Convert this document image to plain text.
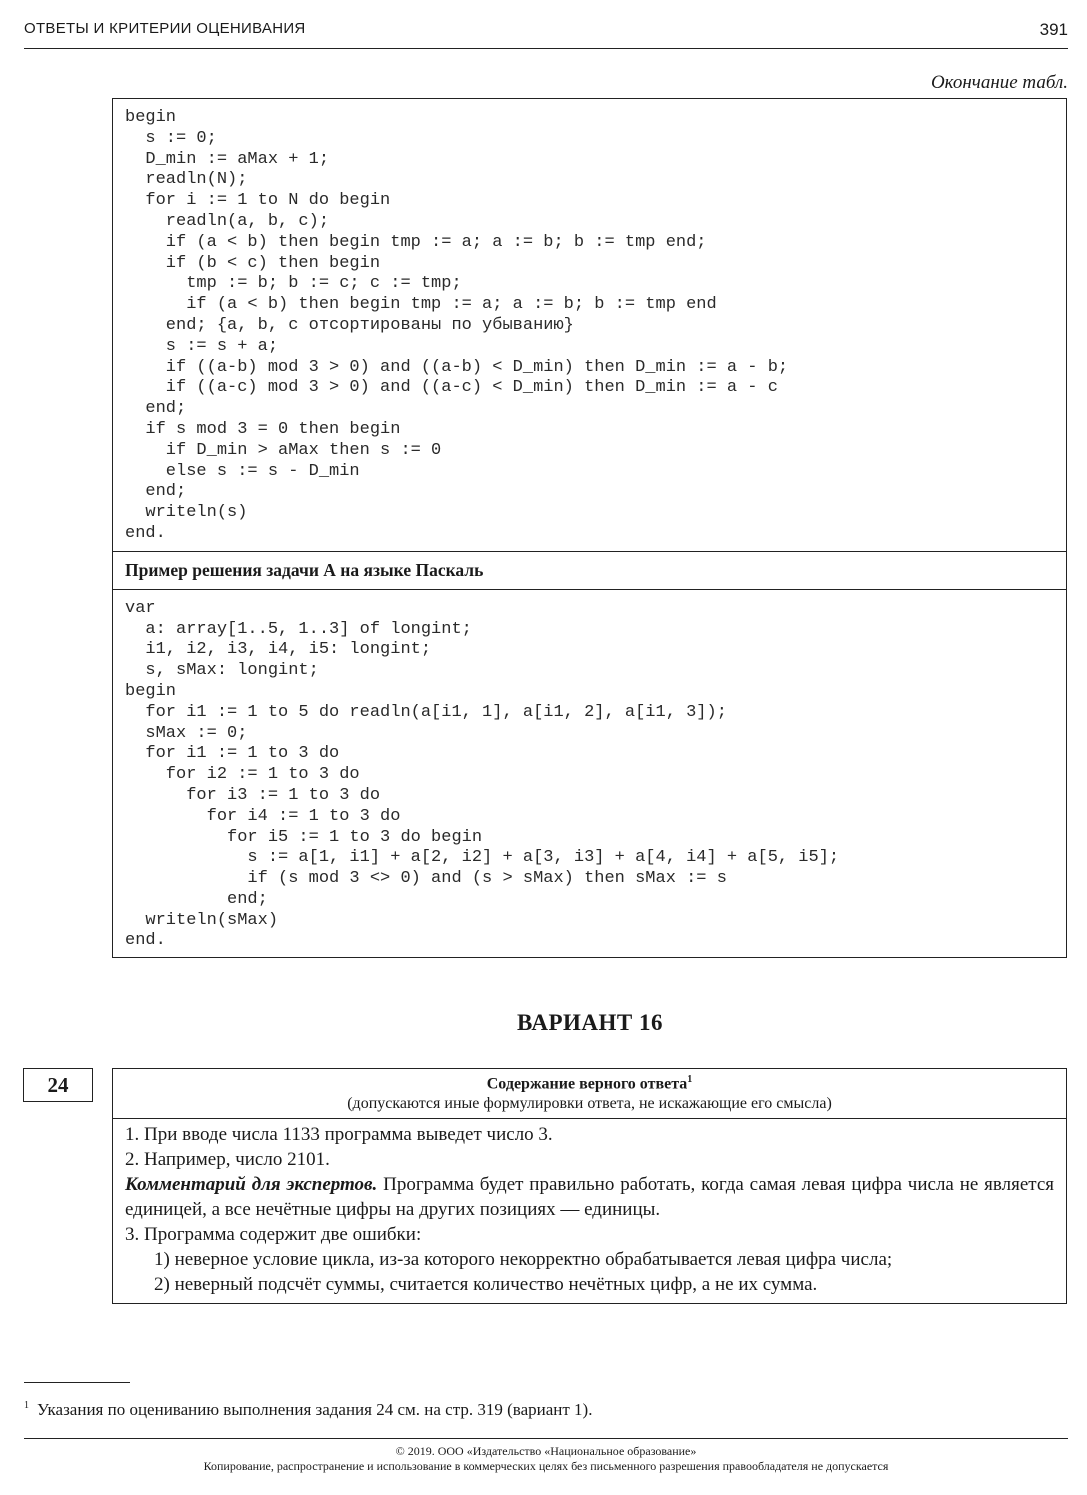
ОТВЕТЫ И КРИТЕРИИ ОЦЕНИВАНИЯ	391
Окончание табл.
begin
s := 0;
D_min := aMax + 1;
readln(N);
for i := 1 to N do begin
readln(a, b, c);
if (a < b) then begin tmp := a; a := b; b := tmp end;
if (b < c) then begin
tmp := b; b := c; c := tmp;
if (a < b) then begin tmp := a; a := b; b := tmp end
end; {a, b, c отсортированы по убыванию}
s := s + a;
if ((a-b) mod 3 > 0) and ((a-b) < D_min) then D_min := a - b;
if ((a-c) mod 3 > 0) and ((a-c) < D_min) then D_min := a - c
end;
if s mod 3 = 0 then begin
if D_min > aMax then s := 0
else s := s - D_min
end;
writeln(s)
end.
Пример решения задачи А на языке Паскаль
var
a: array[1..5, 1..3] of longint;
i1, i2, i3, i4, i5: longint;
s, sMax: longint;
begin
for i1 := 1 to 5 do readln(a[i1, 1], a[i1, 2], a[i1, 3]);
sMax := 0;
for i1 := 1 to 3 do
for i2 := 1 to 3 do
for i3 := 1 to 3 do
for i4 := 1 to 3 do
for i5 := 1 to 3 do begin
s := a[1, i1] + a[2, i2] + a[3, i3] + a[4, i4] + a[5, i5];
if (s mod 3 <> 0) and (s > sMax) then sMax := s
end;
writeln(sMax)
end.
ВАРИАНТ 16
24	Содержание верного ответа$^1$
(допускаются иные формулировки ответа, не искажающие его смысла)

1. При вводе числа 1133 программа выведет число 3.

2. Например, число 2101.

Комментарий для экспертов. Программа будет правильно работать, когда самая левая цифра числа не является единицей, а все нечётные цифры на других позициях — единицы.

3. Программа содержит две ошибки:

1) неверное условие цикла, из-за которого некорректно обрабатывается левая цифра числа;

2) неверный подсчёт суммы, считается количество нечётных цифр, а не их сумма.

$^1$ Указания по оцениванию выполнения задания 24 см. на стр. 319 (вариант 1).
© 2019. ООО «Издательство «Национальное образование»
Копирование, распространение и использование в коммерческих целях без письменного разрешения правообладателя не допускается
